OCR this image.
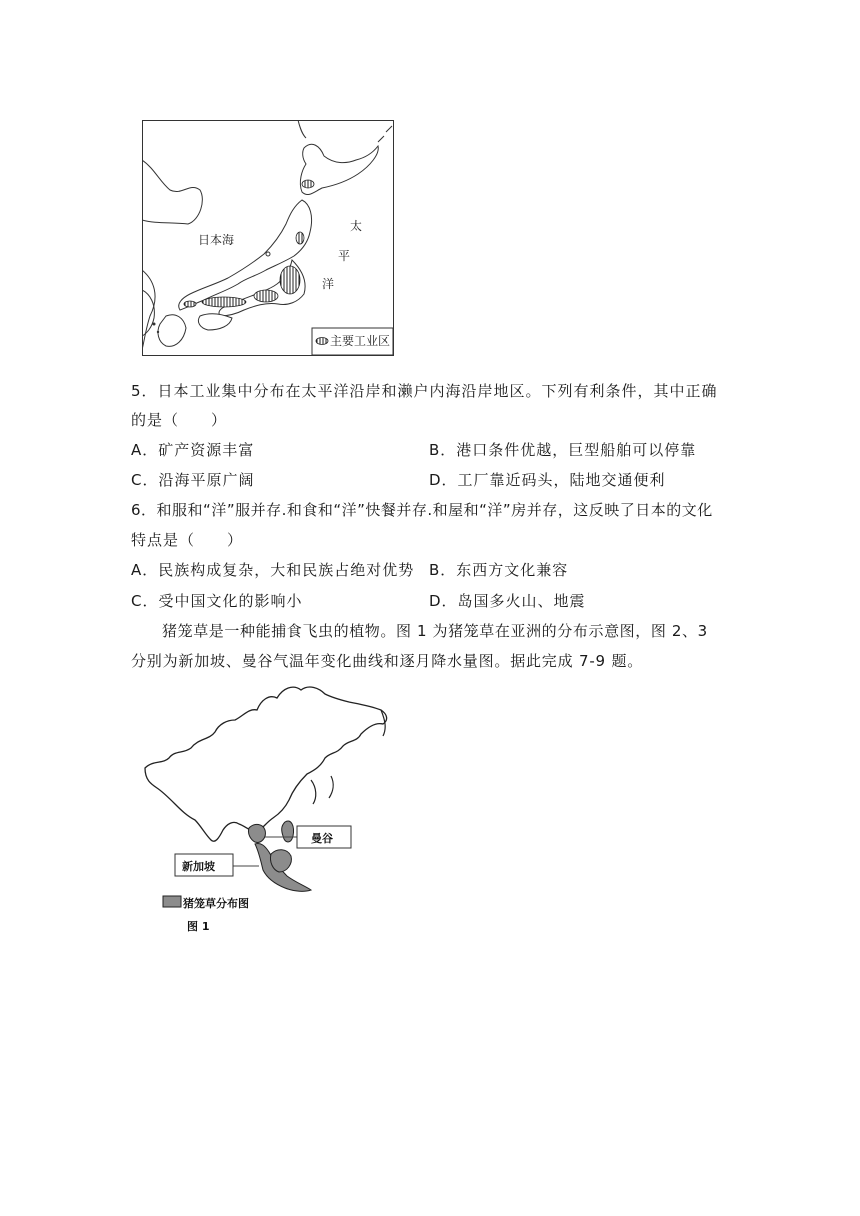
日本海
太
平
洋
主要工业区
5．日本工业集中分布在太平洋沿岸和濑户内海沿岸地区。下列有利条件，其中正确
的是（　　）
A．矿产资源丰富	B．港口条件优越，巨型船舶可以停靠
C．沿海平原广阔	D．工厂靠近码头，陆地交通便利
6．和服和“洋”服并存.和食和“洋”快餐并存.和屋和“洋”房并存，这反映了日本的文化
特点是（　　）
A．民族构成复杂，大和民族占绝对优势 B．东西方文化兼容
C．受中国文化的影响小	D．岛国多火山、地震
猪笼草是一种能捕食飞虫的植物。图 1 为猪笼草在亚洲的分布示意图，图 2、3
分别为新加坡、曼谷气温年变化曲线和逐月降水量图。据此完成 7-9 题。
曼谷
新加坡
猪笼草分布图
图 1
